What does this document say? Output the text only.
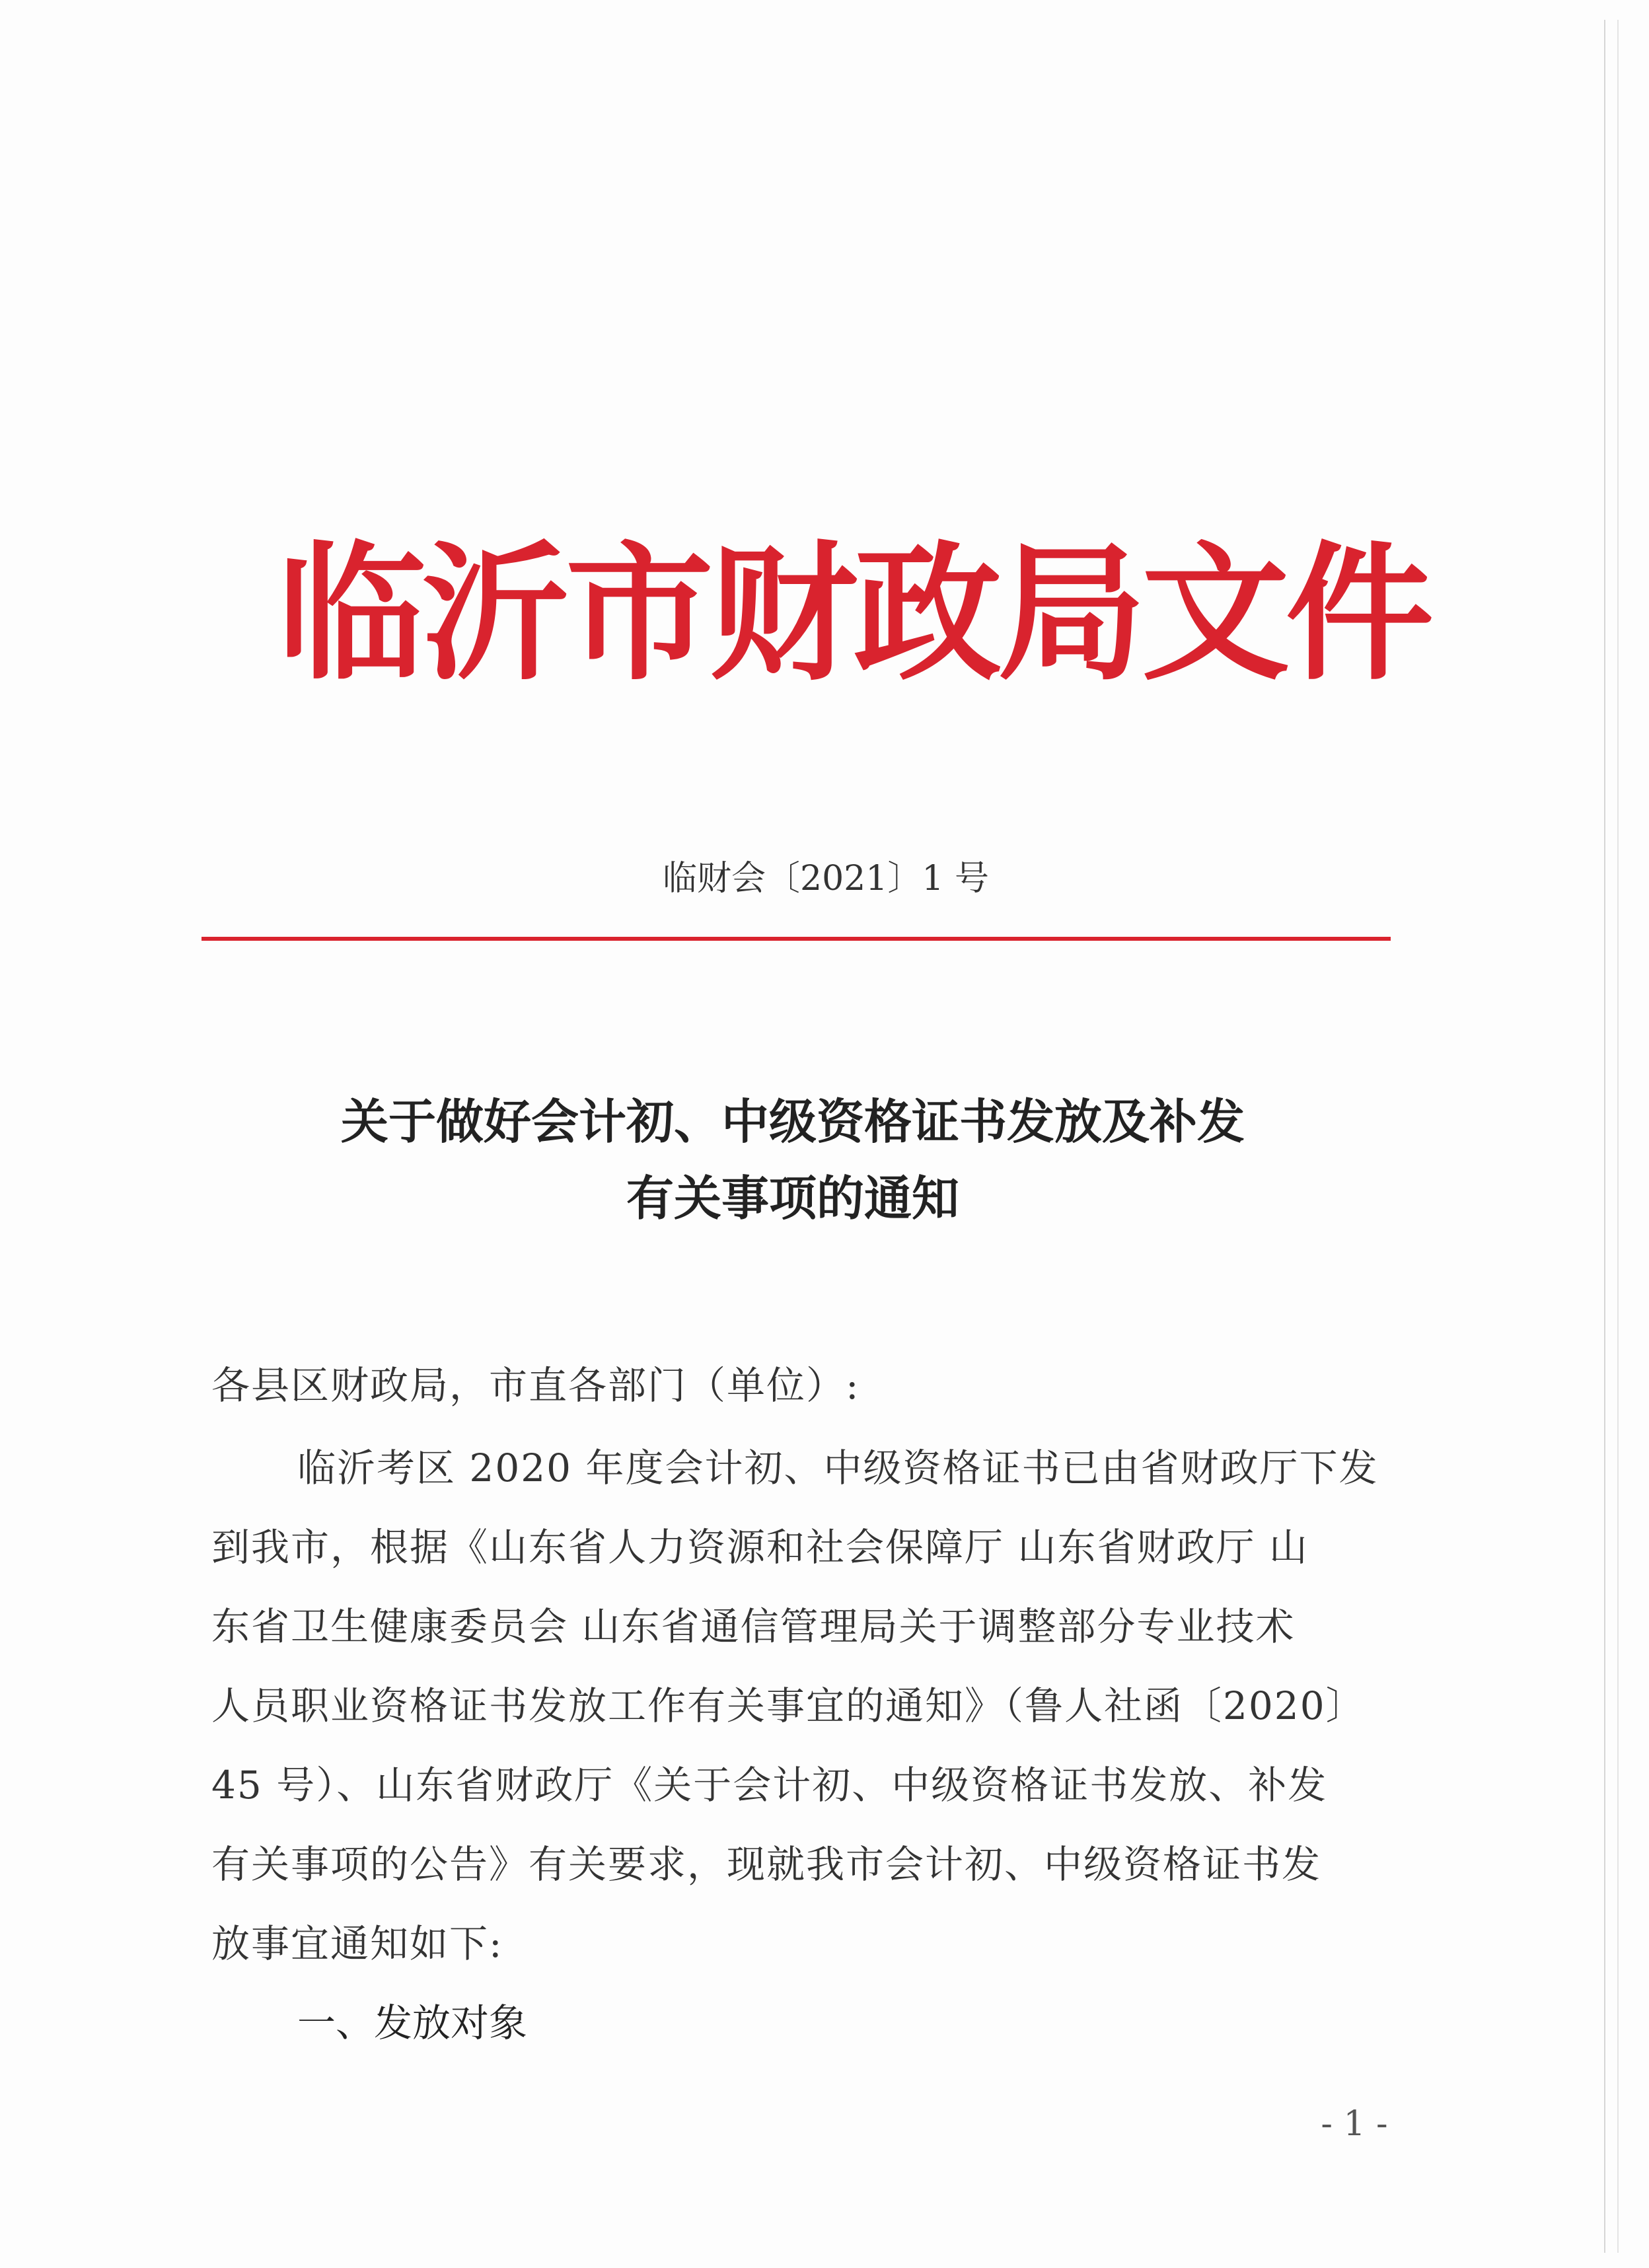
临沂市财政局文件
临财会〔2021〕1 号
关于做好会计初、中级资格证书发放及补发
有关事项的通知
各县区财政局，市直各部门（单位）:
临沂考区 2020 年度会计初、中级资格证书已由省财政厅下发
到我市，根据《山东省人力资源和社会保障厅 山东省财政厅 山
东省卫生健康委员会 山东省通信管理局关于调整部分专业技术
人员职业资格证书发放工作有关事宜的通知》（鲁人社函〔2020〕
45 号）、山东省财政厅《关于会计初、中级资格证书发放、补发
有关事项的公告》有关要求，现就我市会计初、中级资格证书发
放事宜通知如下:
一、发放对象
- 1 -
